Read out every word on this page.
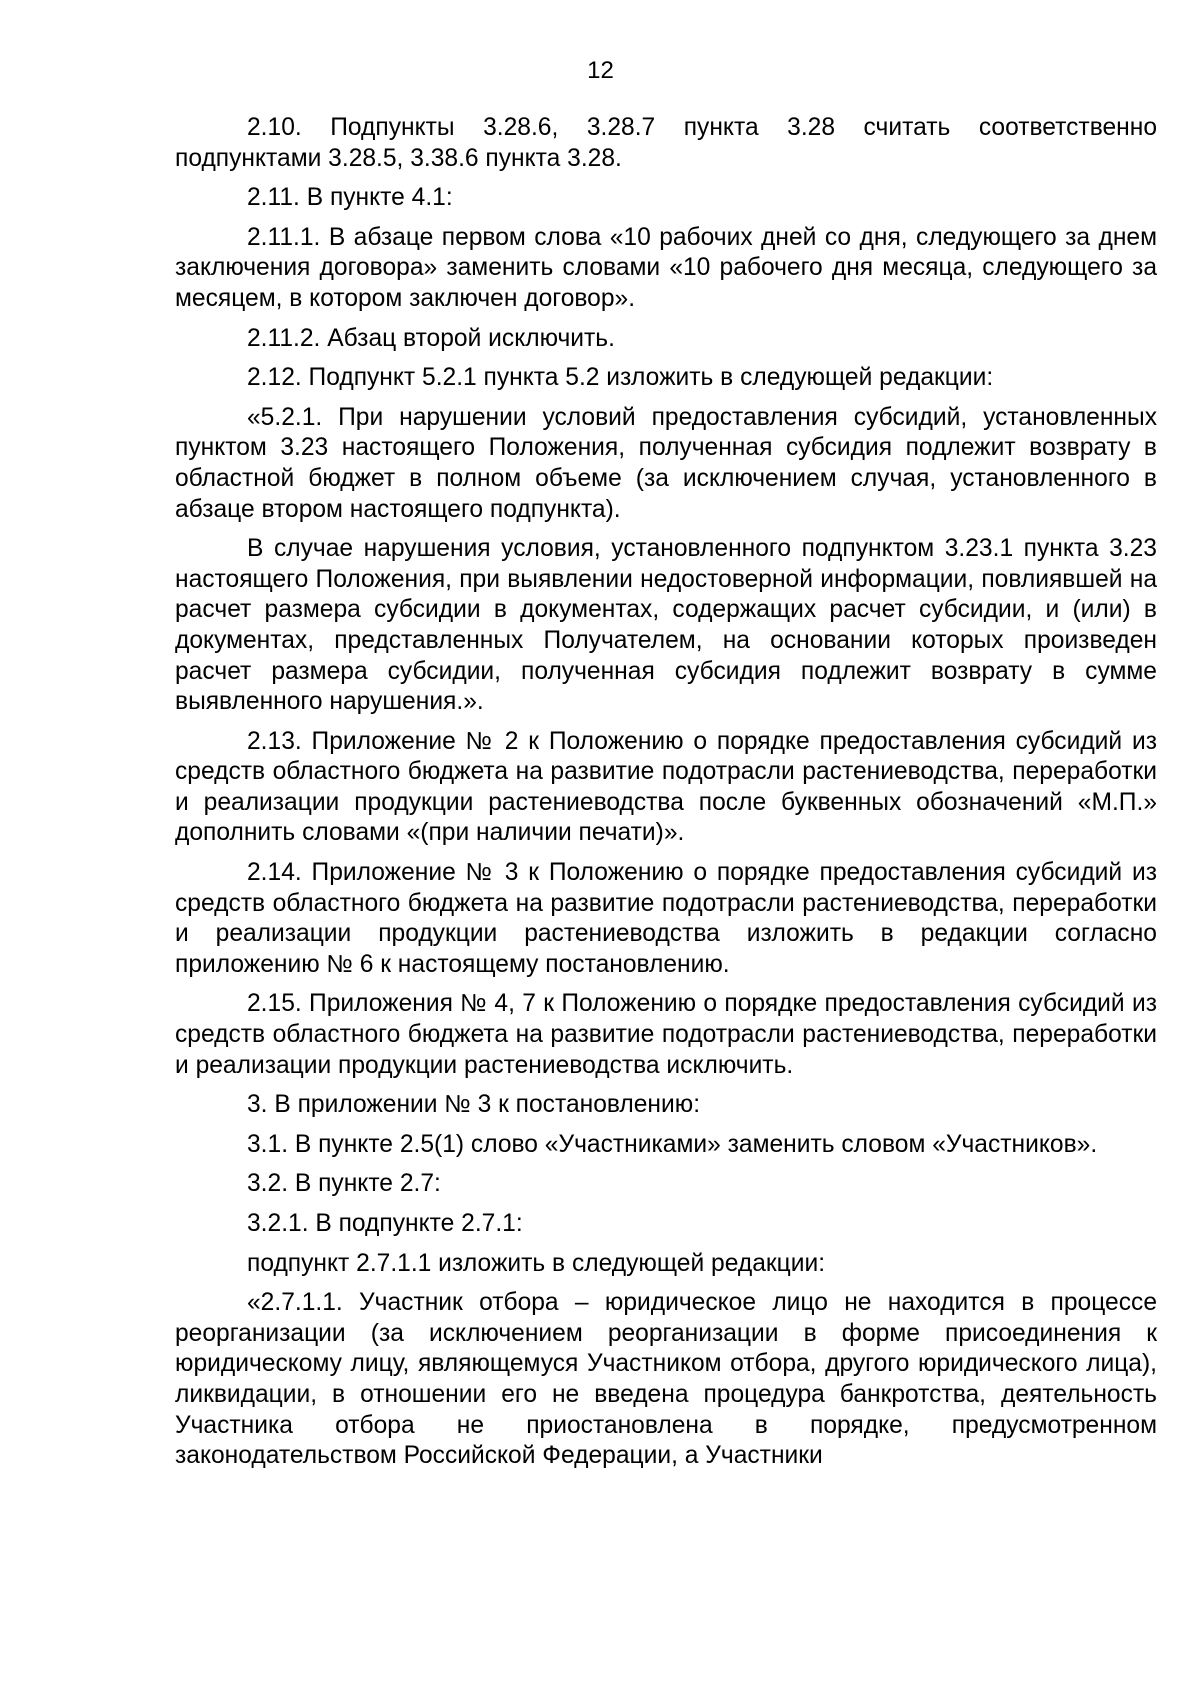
12

2.10. Подпункты 3.28.6, 3.28.7 пункта 3.28 считать соответственно подпунктами 3.28.5, 3.38.6 пункта 3.28.

2.11. В пункте 4.1:

2.11.1. В абзаце первом слова «10 рабочих дней со дня, следующего за днем заключения договора» заменить словами «10 рабочего дня месяца, следующего за месяцем, в котором заключен договор».

2.11.2. Абзац второй исключить.

2.12. Подпункт 5.2.1 пункта 5.2 изложить в следующей редакции:

«5.2.1. При нарушении условий предоставления субсидий, установленных пунктом 3.23 настоящего Положения, полученная субсидия подлежит возврату в областной бюджет в полном объеме (за исключением случая, установленного в абзаце втором настоящего подпункта).

В случае нарушения условия, установленного подпунктом 3.23.1 пункта 3.23 настоящего Положения, при выявлении недостоверной информации, повлиявшей на расчет размера субсидии в документах, содержащих расчет субсидии, и (или) в документах, представленных Получателем, на основании которых произведен расчет размера субсидии, полученная субсидия подлежит возврату в сумме выявленного нарушения.».

2.13. Приложение № 2 к Положению о порядке предоставления субсидий из средств областного бюджета на развитие подотрасли растениеводства, переработки и реализации продукции растениеводства после буквенных обозначений «М.П.» дополнить словами «(при наличии печати)».

2.14. Приложение № 3 к Положению о порядке предоставления субсидий из средств областного бюджета на развитие подотрасли растениеводства, переработки и реализации продукции растениеводства изложить в редакции согласно приложению № 6 к настоящему постановлению.

2.15. Приложения № 4, 7 к Положению о порядке предоставления субсидий из средств областного бюджета на развитие подотрасли растениеводства, переработки и реализации продукции растениеводства исключить.

3. В приложении № 3 к постановлению:

3.1. В пункте 2.5(1) слово «Участниками» заменить словом «Участников».

3.2. В пункте 2.7:

3.2.1. В подпункте 2.7.1:

подпункт 2.7.1.1 изложить в следующей редакции:

«2.7.1.1. Участник отбора – юридическое лицо не находится в процессе реорганизации (за исключением реорганизации в форме присоединения к юридическому лицу, являющемуся Участником отбора, другого юридического лица), ликвидации, в отношении его не введена процедура банкротства, деятельность Участника отбора не приостановлена в порядке, предусмотренном законодательством Российской Федерации, а Участники
